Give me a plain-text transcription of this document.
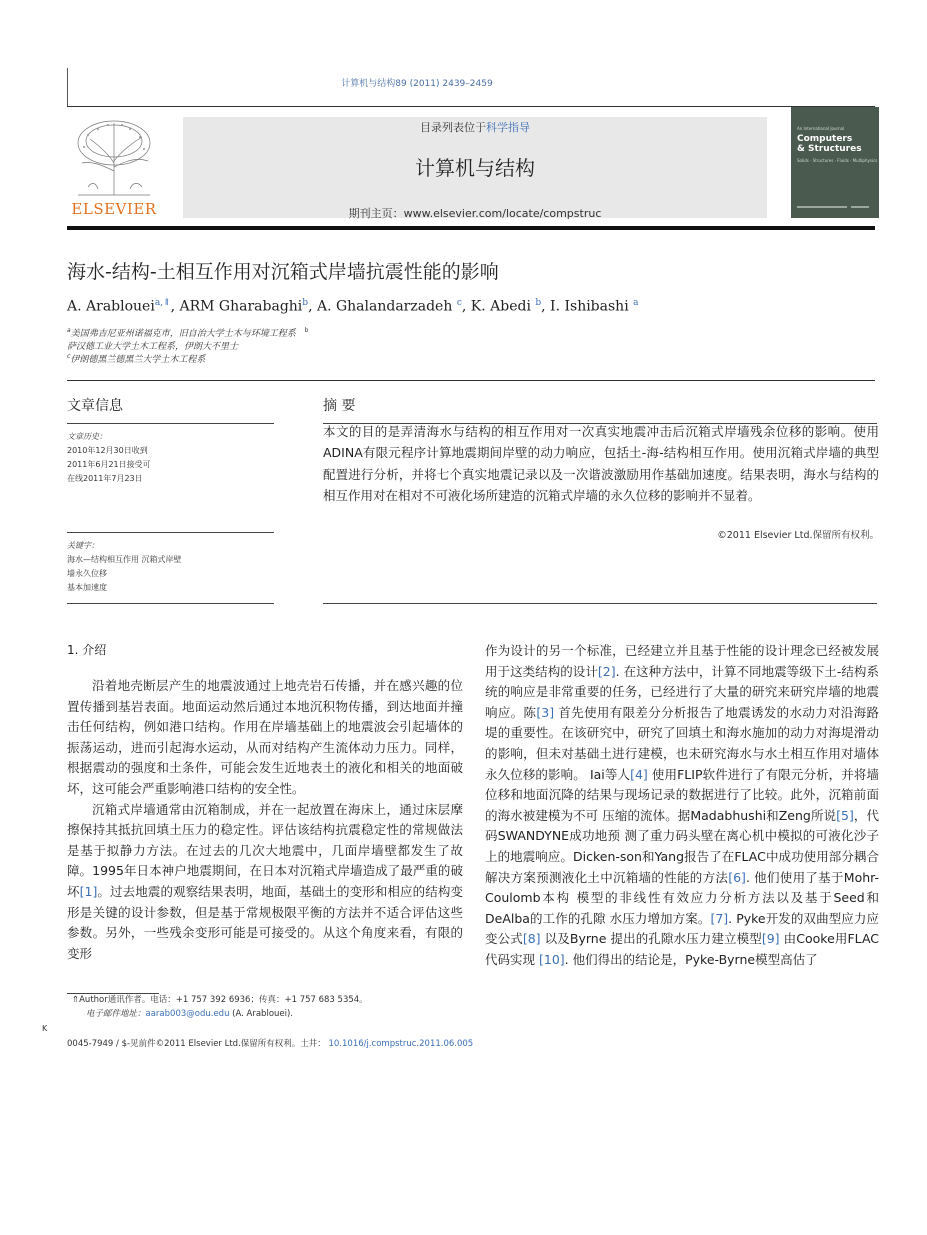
计算机与结构89 (2011) 2439–2459
ELSEVIER
目录列表位于科学指导
计算机与结构
期刊主页：www.elsevier.com/locate/compstruc
An International Journal
Computers
& Structures
Solids · Structures · Fluids · Multiphysics
海水-结构-土相互作用对沉箱式岸墙抗震性能的影响
A. Arablouei$^{a,⇑}$, ARM Gharabaghi$^b$, A. Ghalandarzadeh $^c$, K. Abedi $^b$, I. Ishibashi $^a$
$^a$美国弗吉尼亚州诺福克市，旧自治大学土木与环境工程系 $^b$
萨汉德工业大学土木工程系，伊朗大不里士
$^c$伊朗德黑兰德黑兰大学土木工程系
文章信息
文章历史：
2010年12月30日收到
2011年6月21日接受可
在线2011年7月23日
关键字：
海水—结构相互作用 沉箱式岸壁
墙永久位移
基本加速度
摘 要
本文的目的是弄清海水与结构的相互作用对一次真实地震冲击后沉箱式岸墙残余位移的影响。使用ADINA有限元程序计算地震期间岸壁的动力响应，包括土-海-结构相互作用。使用沉箱式岸墙的典型配置进行分析，并将七个真实地震记录以及一次谐波激励用作基础加速度。结果表明，海水与结构的相互作用对在相对不可液化场所建造的沉箱式岸墙的永久位移的影响并不显着。
©2011 Elsevier Ltd.保留所有权利。
1. 介绍

沿着地壳断层产生的地震波通过上地壳岩石传播，并在感兴趣的位置传播到基岩表面。地面运动然后通过本地沉积物传播，到达地面并撞击任何结构，例如港口结构。作用在岸墙基础上的地震波会引起墙体的振荡运动，进而引起海水运动，从而对结构产生流体动力压力。同样，根据震动的强度和土条件，可能会发生近地表土的液化和相关的地面破坏，这可能会严重影响港口结构的安全性。

沉箱式岸墙通常由沉箱制成，并在一起放置在海床上，通过床层摩擦保持其抵抗回填土压力的稳定性。评估该结构抗震稳定性的常规做法是基于拟静力方法。在过去的几次大地震中，几面岸墙壁都发生了故障。1995年日本神户地震期间，在日本对沉箱式岸墙造成了最严重的破坏[1]。过去地震的观察结果表明，地面，基础土的变形和相应的结构变形是关键的设计参数，但是基于常规极限平衡的方法并不适合评估这些参数。另外，一些残余变形可能是可接受的。从这个角度来看，有限的变形

作为设计的另一个标准，已经建立并且基于性能的设计理念已经被发展用于这类结构的设计[2]. 在这种方法中，计算不同地震等级下土-结构系统的响应是非常重要的任务，已经进行了大量的研究来研究岸墙的地震响应。陈[3] 首先使用有限差分分析报告了地震诱发的水动力对沿海路堤的重要性。在该研究中，研究了回填土和海水施加的动力对海堤滑动的影响，但未对基础土进行建模，也未研究海水与水土相互作用对墙体永久位移的影响。 Iai等人[4] 使用FLIP软件进行了有限元分析，并将墙位移和地面沉降的结果与现场记录的数据进行了比较。此外，沉箱前面的海水被建模为不可 压缩的流体。据Madabhushi和Zeng所说[5]，代码SWANDYNE成功地预 测了重力码头壁在离心机中模拟的可液化沙子上的地震响应。Dicken-son和Yang报告了在FLAC中成功使用部分耦合解决方案预测液化土中沉箱墙的性能的方法[6]. 他们使用了基于Mohr-Coulomb本构 模型的非线性有效应力分析方法以及基于Seed和DeAlba的工作的孔隙 水压力增加方案。[7]. Pyke开发的双曲型应力应变公式[8] 以及Byrne 提出的孔隙水压力建立模型[9] 由Cooke用FLAC代码实现 [10]. 他们得出的结论是，Pyke-Byrne模型高估了

⇑Author通讯作者。电话：+1 757 392 6936；传真：+1 757 683 5354。
电子邮件地址：aarab003@odu.edu (A. Arablouei).
K
0045-7949 / $-见前件©2011 Elsevier Ltd.保留所有权利。土井： 10.1016/j.compstruc.2011.06.005
